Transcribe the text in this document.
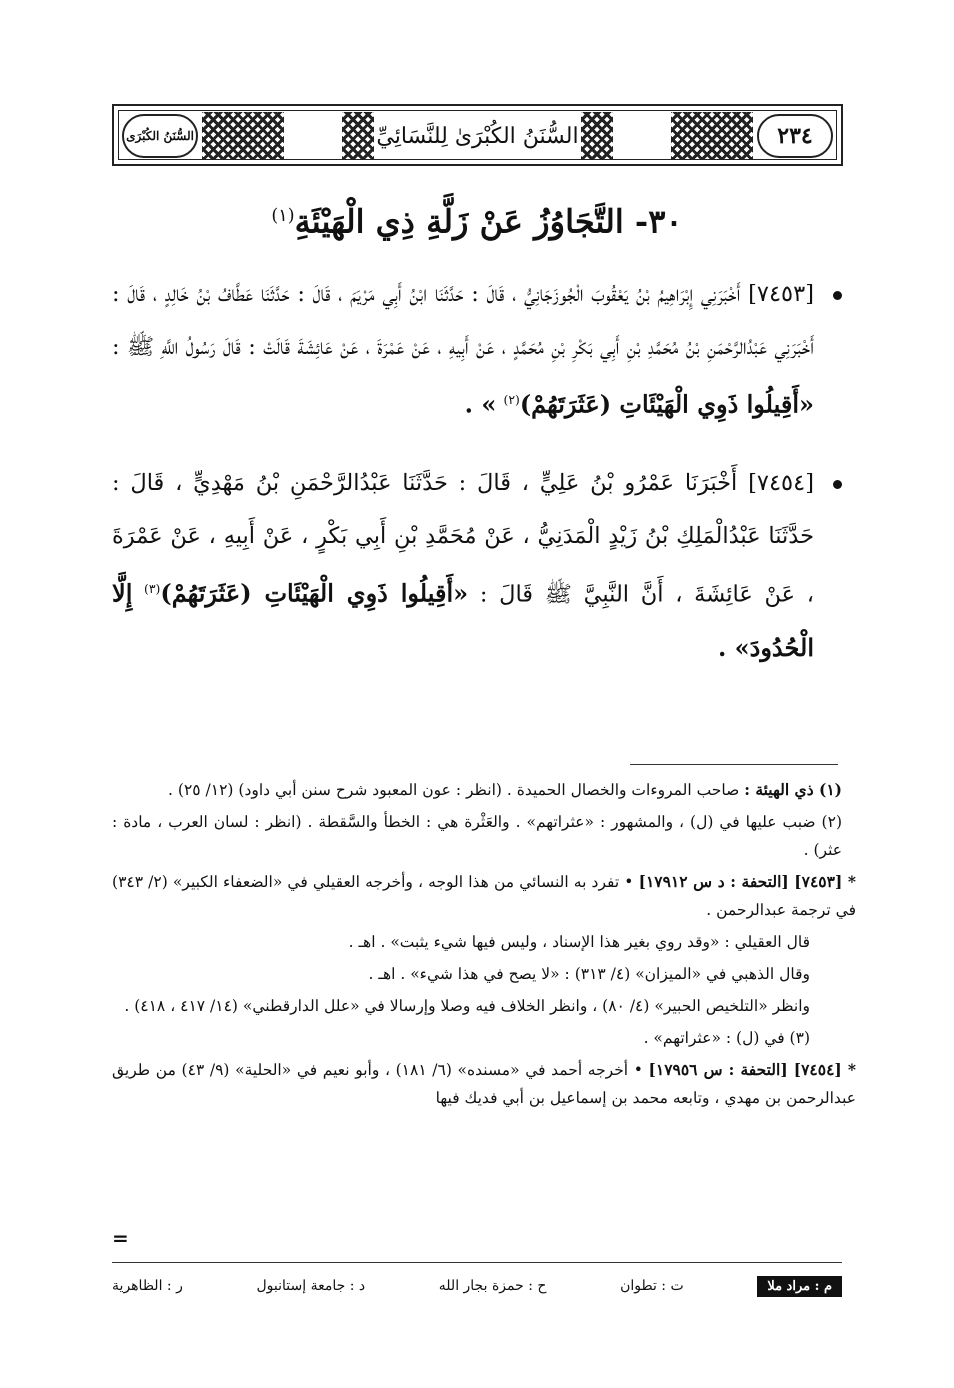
٢٣٤
السُّنَنُ الكُبْرَىٰ لِلنَّسَائِيِّ
السُّنَنُ الكُبْرَى
٣٠- التَّجَاوُزُ عَنْ زَلَّةِ ذِي الْهَيْئَةِ$^{(١)}$
[٧٤٥٣] أَخْبَرَنِي إِبْرَاهِيمُ بْنُ يَعْقُوبَ الْجُوزَجَانِيُّ ، قَالَ : حَدَّثَنَا ابْنُ أَبِي مَرْيَمَ ، قَالَ : حَدَّثَنَا عَطَّافُ بْنُ خَالِدٍ ، قَالَ : أَخْبَرَنِي عَبْدُالرَّحْمَنِ بْنُ مُحَمَّدِ بْنِ أَبِي بَكْرِ بْنِ مُحَمَّدٍ ، عَنْ أَبِيهِ ، عَنْ عَمْرَةَ ، عَنْ عَائِشَةَ قَالَتْ : قَالَ رَسُولُ اللَّهِ ﷺ : «أَقِيلُوا ذَوِي الْهَيْئَاتِ (عَثَرَتَهُمْ)$^{(٢)}$ » .
[٧٤٥٤] أَخْبَرَنَا عَمْرُو بْنُ عَلِيٍّ ، قَالَ : حَدَّثَنَا عَبْدُالرَّحْمَنِ بْنُ مَهْدِيٍّ ، قَالَ : حَدَّثَنَا عَبْدُالْمَلِكِ بْنُ زَيْدٍ الْمَدَنِيُّ ، عَنْ مُحَمَّدِ بْنِ أَبِي بَكْرٍ ، عَنْ أَبِيهِ ، عَنْ عَمْرَةَ ، عَنْ عَائِشَةَ ، أَنَّ النَّبِيَّ ﷺ قَالَ : «أَقِيلُوا ذَوِي الْهَيْئَاتِ (عَثَرَتَهُمْ)$^{(٣)}$ إِلَّا الْحُدُودَ» .

(١) ذي الهيئة : صاحب المروءات والخصال الحميدة . (انظر : عون المعبود شرح سنن أبي داود) (١٢/ ٢٥) .

(٢) ضبب عليها في (ل) ، والمشهور : «عثراتهم» . والعَثْرة هي : الخطأ والسَّقطة . (انظر : لسان العرب ، مادة : عثر) .

* [٧٤٥٣] [التحفة : د س ١٧٩١٢] • تفرد به النسائي من هذا الوجه ، وأخرجه العقيلي في «الضعفاء الكبير» (٢/ ٣٤٣) في ترجمة عبدالرحمن .

قال العقيلي : «وقد روي بغير هذا الإسناد ، وليس فيها شيء يثبت» . اهـ .

وقال الذهبي في «الميزان» (٤/ ٣١٣) : «لا يصح في هذا شيء» . اهـ .

وانظر «التلخيص الحبير» (٤/ ٨٠) ، وانظر الخلاف فيه وصلا وإرسالا في «علل الدارقطني» (١٤/ ٤١٧ ، ٤١٨) .

(٣) في (ل) : «عثراتهم» .

* [٧٤٥٤] [التحفة : س ١٧٩٥٦] • أخرجه أحمد في «مسنده» (٦/ ١٨١) ، وأبو نعيم في «الحلية» (٩/ ٤٣) من طريق عبدالرحمن بن مهدي ، وتابعه محمد بن إسماعيل بن أبي فديك فيها

=
م : مراد ملا
ت : تطوان
ح : حمزة بجار الله
د : جامعة إستانبول
ر : الظاهرية
